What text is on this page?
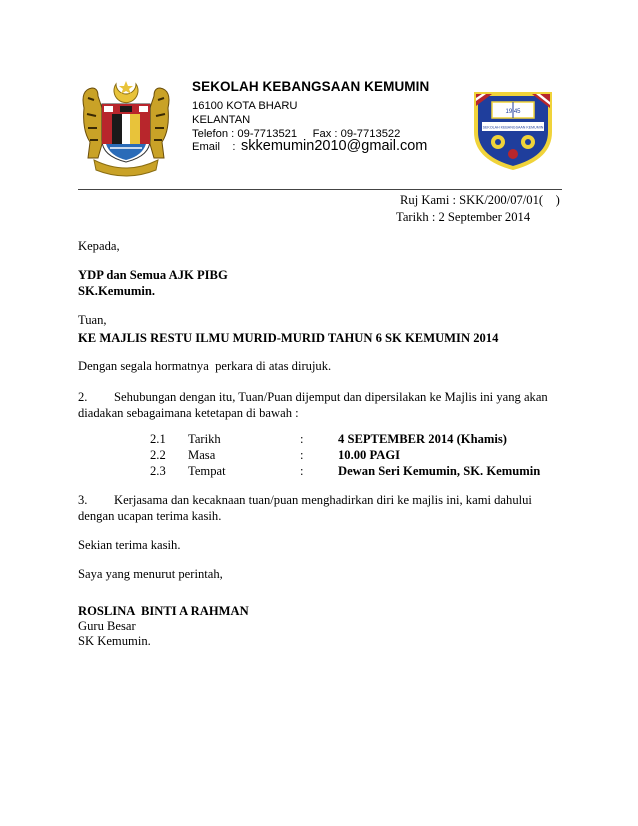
19 45
SEKOLAH KEBANGSAAN KEMUMIN
SEKOLAH KEBANGSAAN KEMUMIN
16100 KOTA BHARU
KELANTAN
Telefon : 09-7713521     Fax : 09-7713522
Email    : skkemumin2010@gmail.com
Ruj Kami : SKK/200/07/01(    )
Tarikh : 2 September 2014
Kepada,
YDP dan Semua AJK PIBG
SK.Kemumin.
Tuan,
KE MAJLIS RESTU ILMU MURID-MURID TAHUN 6 SK KEMUMIN 2014
Dengan segala hormatnya  perkara di atas dirujuk.
2. Sehubungan dengan itu, Tuan/Puan dijemput dan dipersilakan ke Majlis ini yang akan
diadakan sebagaimana ketetapan di bawah :
2.1 Tarikh	:	4 SEPTEMBER 2014 (Khamis)
2.2 Masa	:	10.00 PAGI
2.3 Tempat	:	Dewan Seri Kemumin, SK. Kemumin
3. Kerjasama dan kecaknaan tuan/puan menghadirkan diri ke majlis ini, kami dahului
dengan ucapan terima kasih.
Sekian terima kasih.
Saya yang menurut perintah,
ROSLINA  BINTI A RAHMAN
Guru Besar
SK Kemumin.
